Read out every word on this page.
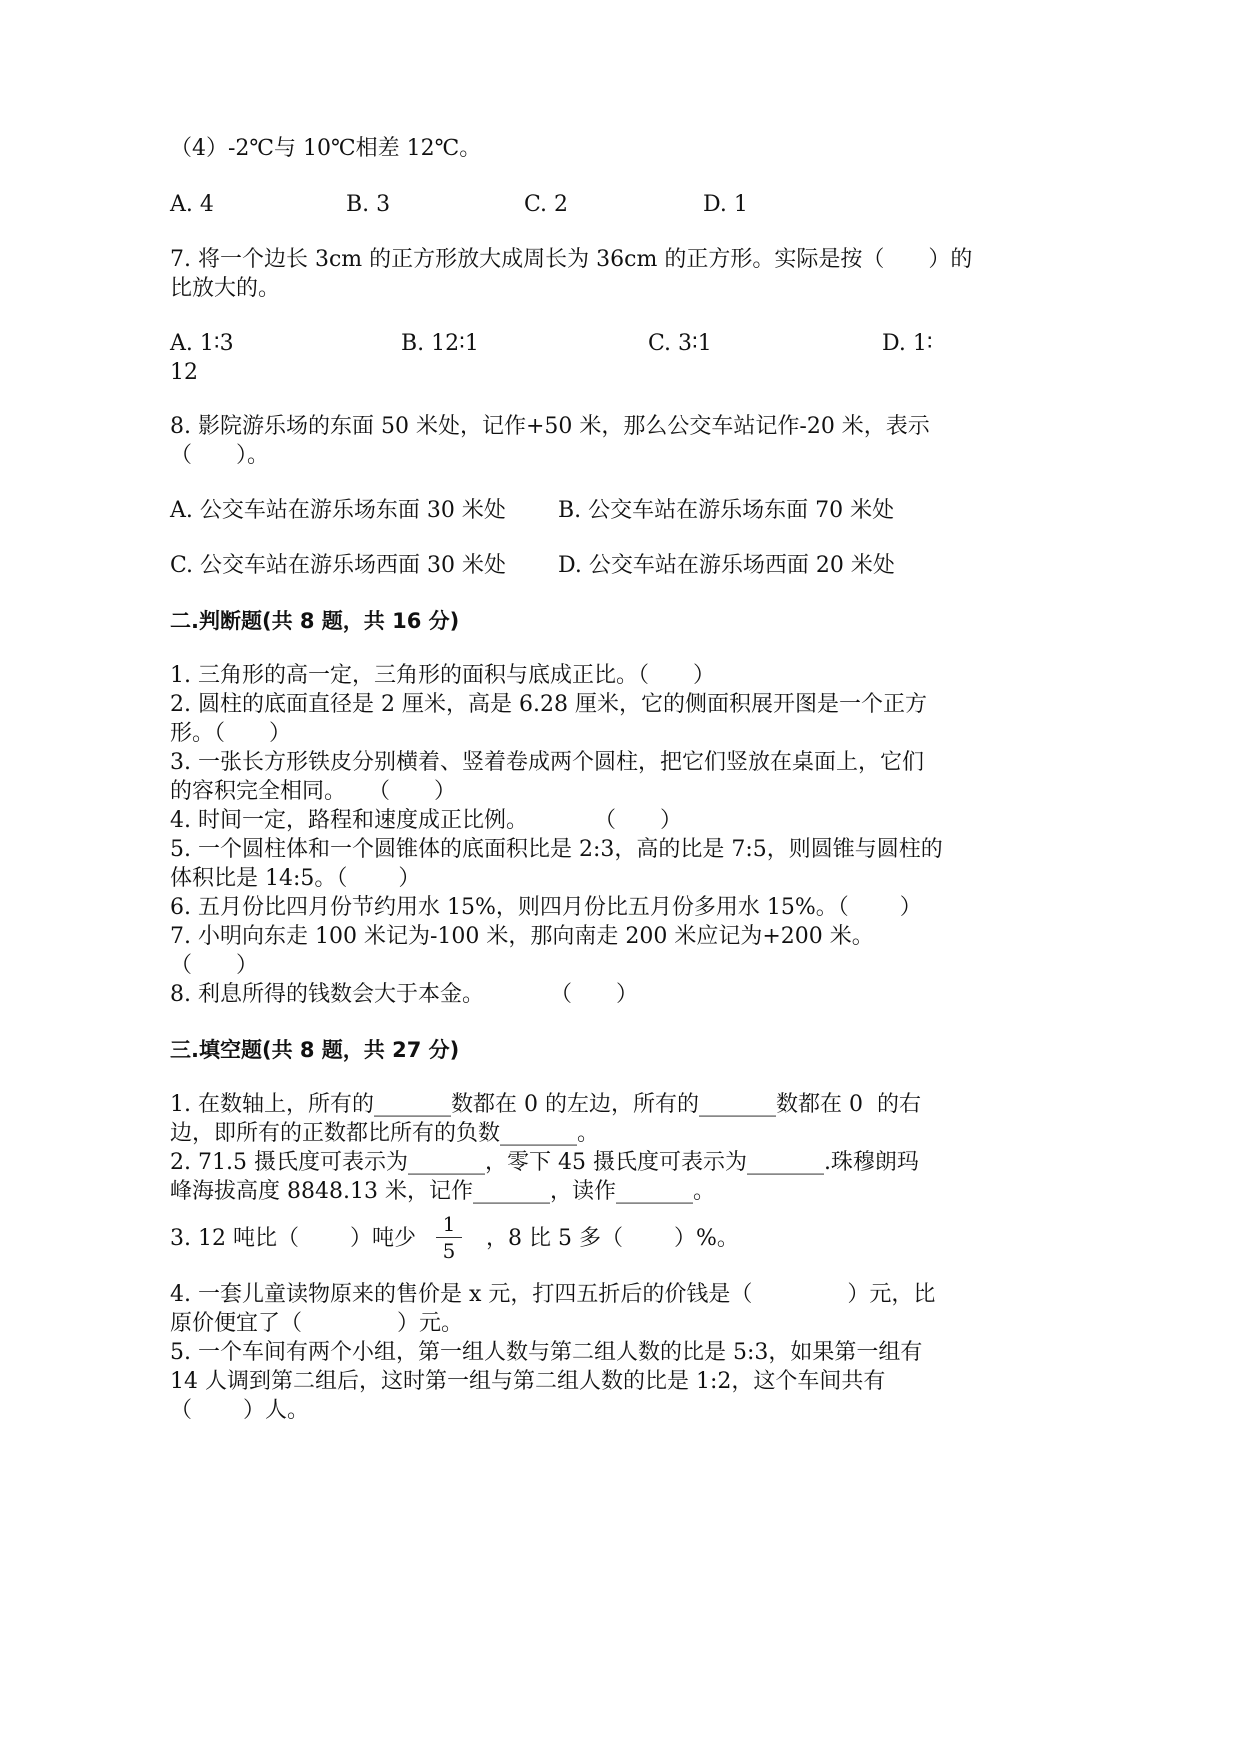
（4）-2℃与 10℃相差 12℃。
A. 4	B. 3	C. 2	D. 1
7. 将一个边长 3cm 的正方形放大成周长为 36cm 的正方形。实际是按（　　）的
比放大的。
A. 1∶3	B. 12∶1	C. 3∶1	D. 1∶
12
8. 影院游乐场的东面 50 米处，记作+50 米，那么公交车站记作-20 米，表示
（　　）。
A. 公交车站在游乐场东面 30 米处 B. 公交车站在游乐场东面 70 米处
C. 公交车站在游乐场西面 30 米处 D. 公交车站在游乐场西面 20 米处
二.判断题(共 8 题，共 16 分)
1. 三角形的高一定，三角形的面积与底成正比。（　　）
2. 圆柱的底面直径是 2 厘米，高是 6.28 厘米，它的侧面积展开图是一个正方
形。（　　）
3. 一张长方形铁皮分别横着、竖着卷成两个圆柱，把它们竖放在桌面上，它们
的容积完全相同。　　（　　）
4. 时间一定，路程和速度成正比例。　　　　（　　）
5. 一个圆柱体和一个圆锥体的底面积比是 2:3，高的比是 7:5，则圆锥与圆柱的
体积比是 14:5。（　　 ）
6. 五月份比四月份节约用水 15%，则四月份比五月份多用水 15%。（　　 ）
7. 小明向东走 100 米记为-100 米，那向南走 200 米应记为+200 米。
（　　）
8. 利息所得的钱数会大于本金。　　　　（　　）
三.填空题(共 8 题，共 27 分)
1. 在数轴上，所有的_______数都在 0 的左边，所有的_______数都在 0  的右
边，即所有的正数都比所有的负数_______。
2. 71.5 摄氏度可表示为_______，零下 45 摄氏度可表示为_______.珠穆朗玛
峰海拔高度 8848.13 米，记作_______，读作_______。
3. 12 吨比（　　 ）吨少
1
5	，8 比 5 多（　　 ）%。
4. 一套儿童读物原来的售价是 x 元，打四五折后的价钱是（　　　　 ）元，比
原价便宜了（　　　　 ）元。
5. 一个车间有两个小组，第一组人数与第二组人数的比是 5:3，如果第一组有
14 人调到第二组后，这时第一组与第二组人数的比是 1:2，这个车间共有
（　　 ）人。
